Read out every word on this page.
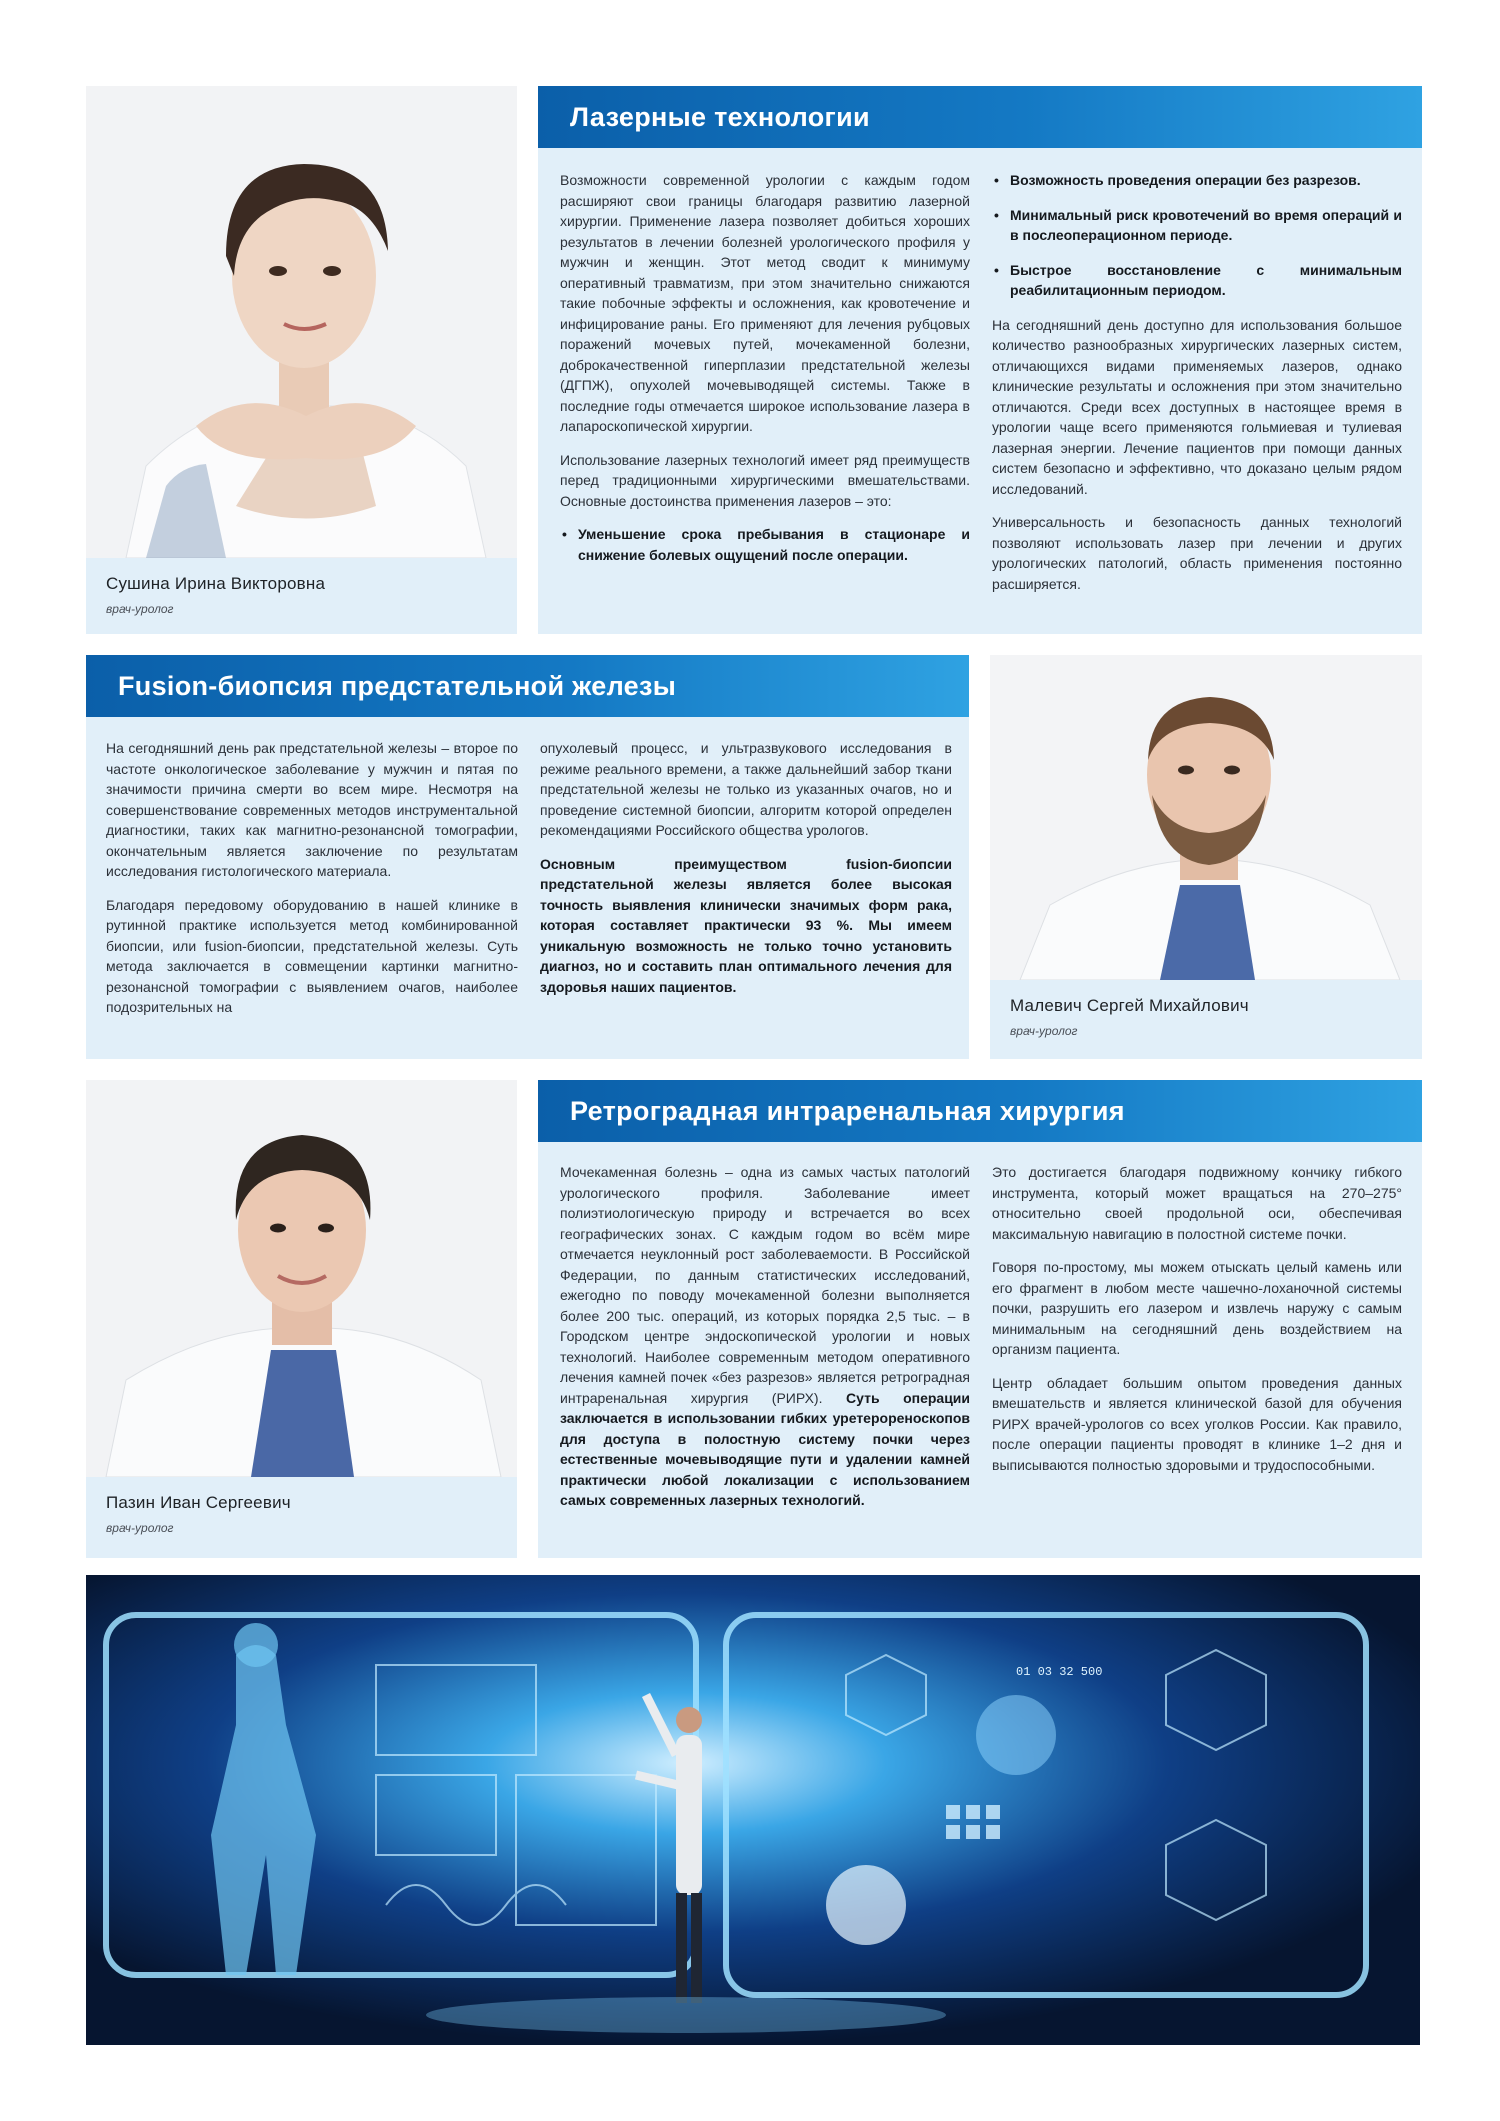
Сушина Ирина Викторовна
врач-уролог
Лазерные технологии

Возможности современной урологии с каждым годом расширяют свои границы благодаря развитию лазерной хирургии. Применение лазера позволяет добиться хороших результатов в лечении болезней урологического профиля у мужчин и женщин. Этот метод сводит к минимуму оперативный травматизм, при этом значительно снижаются такие побочные эффекты и осложнения, как кровотечение и инфицирование раны. Его применяют для лечения рубцовых поражений мочевых путей, мочекаменной болезни, доброкачественной гиперплазии предстательной железы (ДГПЖ), опухолей мочевыводящей системы. Также в последние годы отмечается широкое использование лазера в лапароскопической хирургии.

Использование лазерных технологий имеет ряд преимуществ перед традиционными хирургическими вмешательствами. Основные достоинства применения лазеров – это:

• Уменьшение срока пребывания в стационаре и снижение болевых ощущений после операции.
• Возможность проведения операции без разрезов.
• Минимальный риск кровотечений во время операций и в послеоперационном периоде.
• Быстрое восстановление с минимальным реабилитационным периодом.

На сегодняшний день доступно для использования большое количество разнообразных хирургических лазерных систем, отличающихся видами применяемых лазеров, однако клинические результаты и осложнения при этом значительно отличаются. Среди всех доступных в настоящее время в урологии чаще всего применяются гольмиевая и тулиевая лазерная энергии. Лечение пациентов при помощи данных систем безопасно и эффективно, что доказано целым рядом исследований.

Универсальность и безопасность данных технологий позволяют использовать лазер при лечении и других урологических патологий, область применения постоянно расширяется.

Fusion-биопсия предстательной железы

На сегодняшний день рак предстательной железы – второе по частоте онкологическое заболевание у мужчин и пятая по значимости причина смерти во всем мире. Несмотря на совершенствование современных методов инструментальной диагностики, таких как магнитно-резонансной томографии, окончательным является заключение по результатам исследования гистологического материала.

Благодаря передовому оборудованию в нашей клинике в рутинной практике используется метод комбинированной биопсии, или fusion-биопсии, предстательной железы. Суть метода заключается в совмещении картинки магнитно-резонансной томографии с выявлением очагов, наиболее подозрительных на

опухолевый процесс, и ультразвукового исследования в режиме реального времени, а также дальнейший забор ткани предстательной железы не только из указанных очагов, но и проведение системной биопсии, алгоритм которой определен рекомендациями Российского общества урологов.

Основным преимуществом fusion-биопсии предстательной железы является более высокая точность выявления клинически значимых форм рака, которая составляет практически 93 %. Мы имеем уникальную возможность не только точно установить диагноз, но и составить план оптимального лечения для здоровья наших пациентов.

Малевич Сергей Михайлович
врач-уролог
Пазин Иван Сергеевич
врач-уролог
Ретроградная интраренальная хирургия

Мочекаменная болезнь – одна из самых частых патологий урологического профиля. Заболевание имеет полиэтиологическую природу и встречается во всех географических зонах. С каждым годом во всём мире отмечается неуклонный рост заболеваемости. В Российской Федерации, по данным статистических исследований, ежегодно по поводу мочекаменной болезни выполняется более 200 тыс. операций, из которых порядка 2,5 тыс. – в Городском центре эндоскопической урологии и новых технологий. Наиболее современным методом оперативного лечения камней почек «без разрезов» является ретроградная интраренальная хирургия (РИРХ). Суть операции заключается в использовании гибких уретерореноскопов для доступа в полостную систему почки через естественные мочевыводящие пути и удалении камней практически любой локализации с использованием самых современных лазерных технологий.

Это достигается благодаря подвижному кончику гибкого инструмента, который может вращаться на 270–275° относительно своей продольной оси, обеспечивая максимальную навигацию в полостной системе почки.

Говоря по-простому, мы можем отыскать целый камень или его фрагмент в любом месте чашечно-лоханочной системы почки, разрушить его лазером и извлечь наружу с самым минимальным на сегодняшний день воздействием на организм пациента.

Центр обладает большим опытом проведения данных вмешательств и является клинической базой для обучения РИРХ врачей-урологов со всех уголков России. Как правило, после операции пациенты проводят в клинике 1–2 дня и выписываются полностью здоровыми и трудоспособными.

01 03 32 500
